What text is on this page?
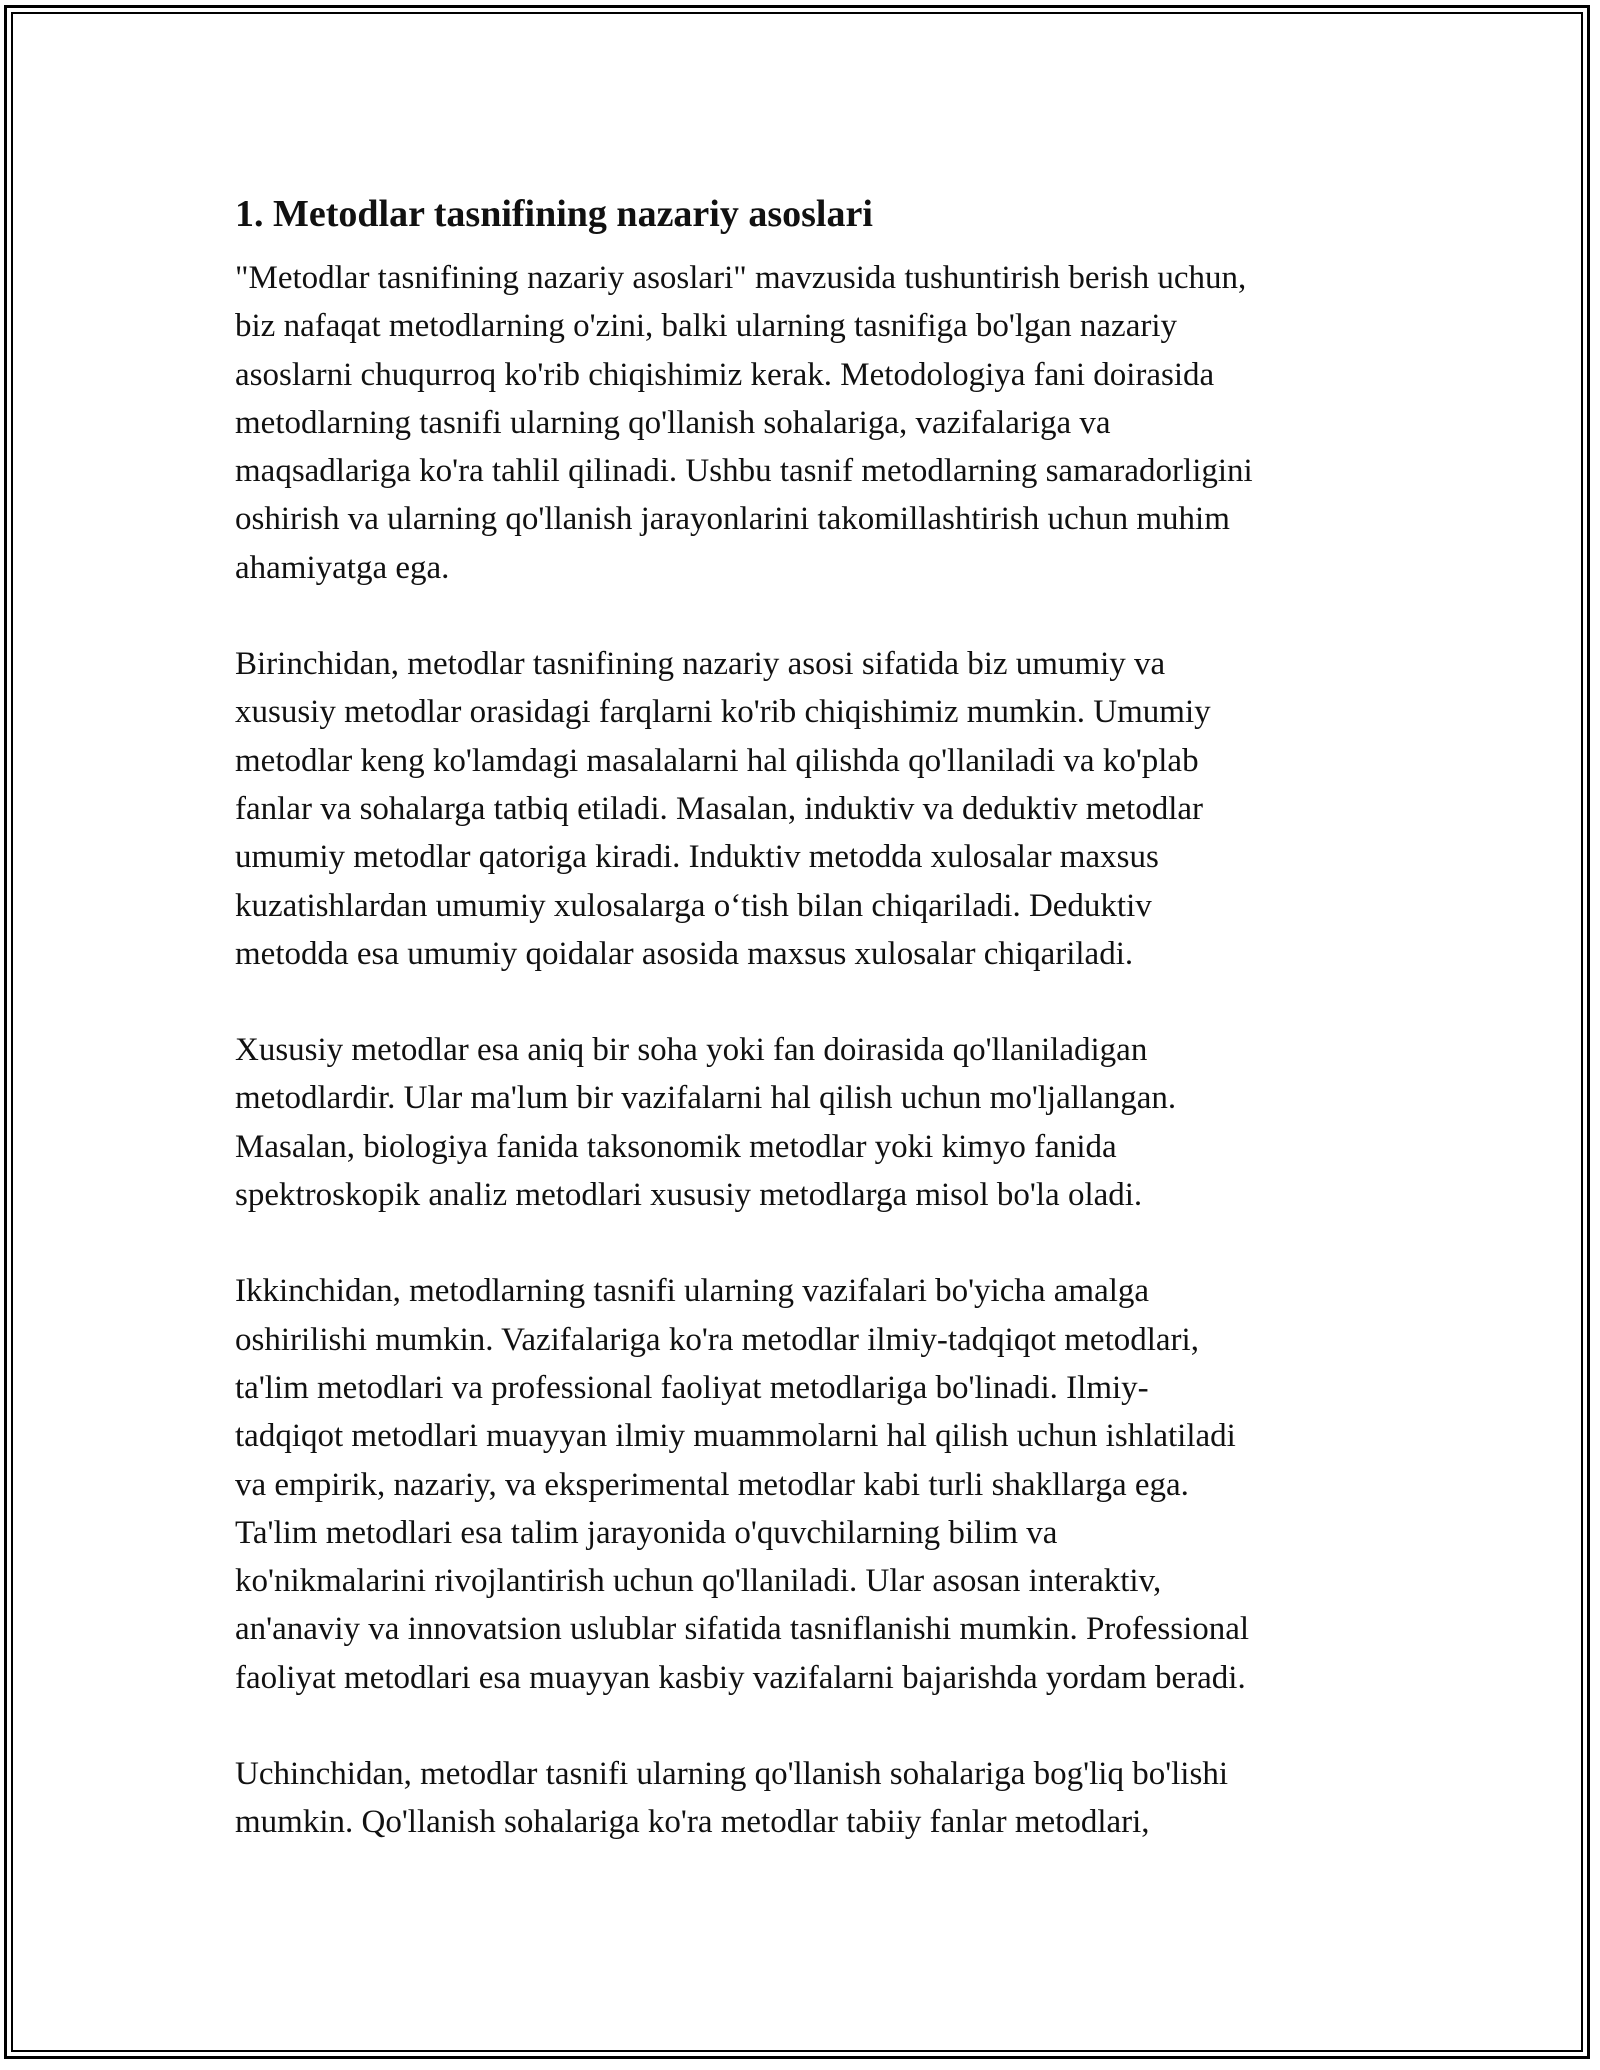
1. Metodlar tasnifining nazariy asoslari

"Metodlar tasnifining nazariy asoslari" mavzusida tushuntirish berish uchun,
biz nafaqat metodlarning o'zini, balki ularning tasnifiga bo'lgan nazariy
asoslarni chuqurroq ko'rib chiqishimiz kerak. Metodologiya fani doirasida
metodlarning tasnifi ularning qo'llanish sohalariga, vazifalariga va
maqsadlariga ko'ra tahlil qilinadi. Ushbu tasnif metodlarning samaradorligini
oshirish va ularning qo'llanish jarayonlarini takomillashtirish uchun muhim
ahamiyatga ega.

Birinchidan, metodlar tasnifining nazariy asosi sifatida biz umumiy va
xususiy metodlar orasidagi farqlarni ko'rib chiqishimiz mumkin. Umumiy
metodlar keng ko'lamdagi masalalarni hal qilishda qo'llaniladi va ko'plab
fanlar va sohalarga tatbiq etiladi. Masalan, induktiv va deduktiv metodlar
umumiy metodlar qatoriga kiradi. Induktiv metodda xulosalar maxsus
kuzatishlardan umumiy xulosalarga o‘tish bilan chiqariladi. Deduktiv
metodda esa umumiy qoidalar asosida maxsus xulosalar chiqariladi.

Xususiy metodlar esa aniq bir soha yoki fan doirasida qo'llaniladigan
metodlardir. Ular ma'lum bir vazifalarni hal qilish uchun mo'ljallangan.
Masalan, biologiya fanida taksonomik metodlar yoki kimyo fanida
spektroskopik analiz metodlari xususiy metodlarga misol bo'la oladi.

Ikkinchidan, metodlarning tasnifi ularning vazifalari bo'yicha amalga
oshirilishi mumkin. Vazifalariga ko'ra metodlar ilmiy-tadqiqot metodlari,
ta'lim metodlari va professional faoliyat metodlariga bo'linadi. Ilmiy-
tadqiqot metodlari muayyan ilmiy muammolarni hal qilish uchun ishlatiladi
va empirik, nazariy, va eksperimental metodlar kabi turli shakllarga ega.
Ta'lim metodlari esa talim jarayonida o'quvchilarning bilim va
ko'nikmalarini rivojlantirish uchun qo'llaniladi. Ular asosan interaktiv,
an'anaviy va innovatsion uslublar sifatida tasniflanishi mumkin. Professional
faoliyat metodlari esa muayyan kasbiy vazifalarni bajarishda yordam beradi.

Uchinchidan, metodlar tasnifi ularning qo'llanish sohalariga bog'liq bo'lishi
mumkin. Qo'llanish sohalariga ko'ra metodlar tabiiy fanlar metodlari,
